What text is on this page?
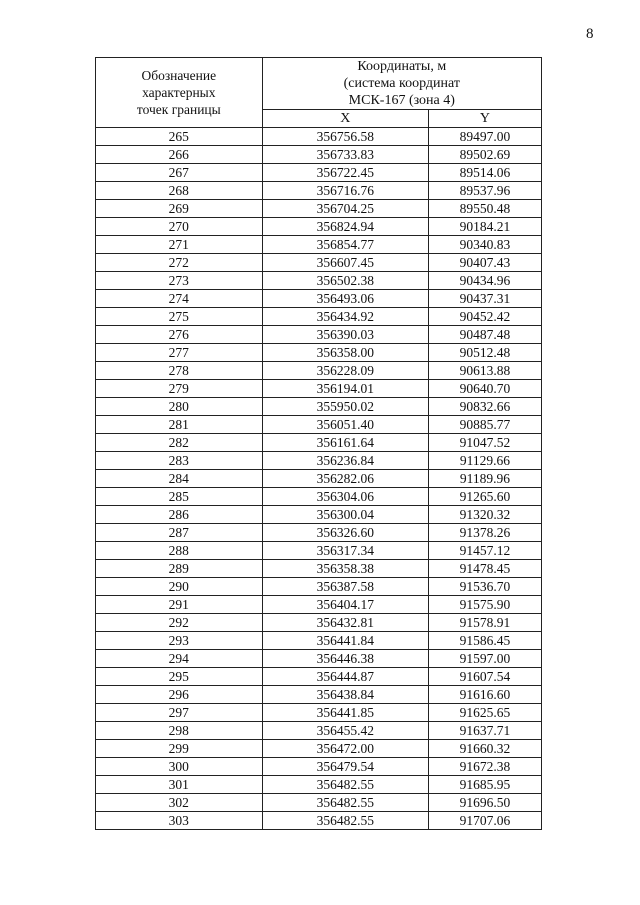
8
Обозначение
характерных
точек границы	Координаты, м
(система координат
МСК-167 (зона 4)	

	X	Y
265	356756.58	89497.00
266	356733.83	89502.69
267	356722.45	89514.06
268	356716.76	89537.96
269	356704.25	89550.48
270	356824.94	90184.21
271	356854.77	90340.83
272	356607.45	90407.43
273	356502.38	90434.96
274	356493.06	90437.31
275	356434.92	90452.42
276	356390.03	90487.48
277	356358.00	90512.48
278	356228.09	90613.88
279	356194.01	90640.70
280	355950.02	90832.66
281	356051.40	90885.77
282	356161.64	91047.52
283	356236.84	91129.66
284	356282.06	91189.96
285	356304.06	91265.60
286	356300.04	91320.32
287	356326.60	91378.26
288	356317.34	91457.12
289	356358.38	91478.45
290	356387.58	91536.70
291	356404.17	91575.90
292	356432.81	91578.91
293	356441.84	91586.45
294	356446.38	91597.00
295	356444.87	91607.54
296	356438.84	91616.60
297	356441.85	91625.65
298	356455.42	91637.71
299	356472.00	91660.32
300	356479.54	91672.38
301	356482.55	91685.95
302	356482.55	91696.50
303	356482.55	91707.06
